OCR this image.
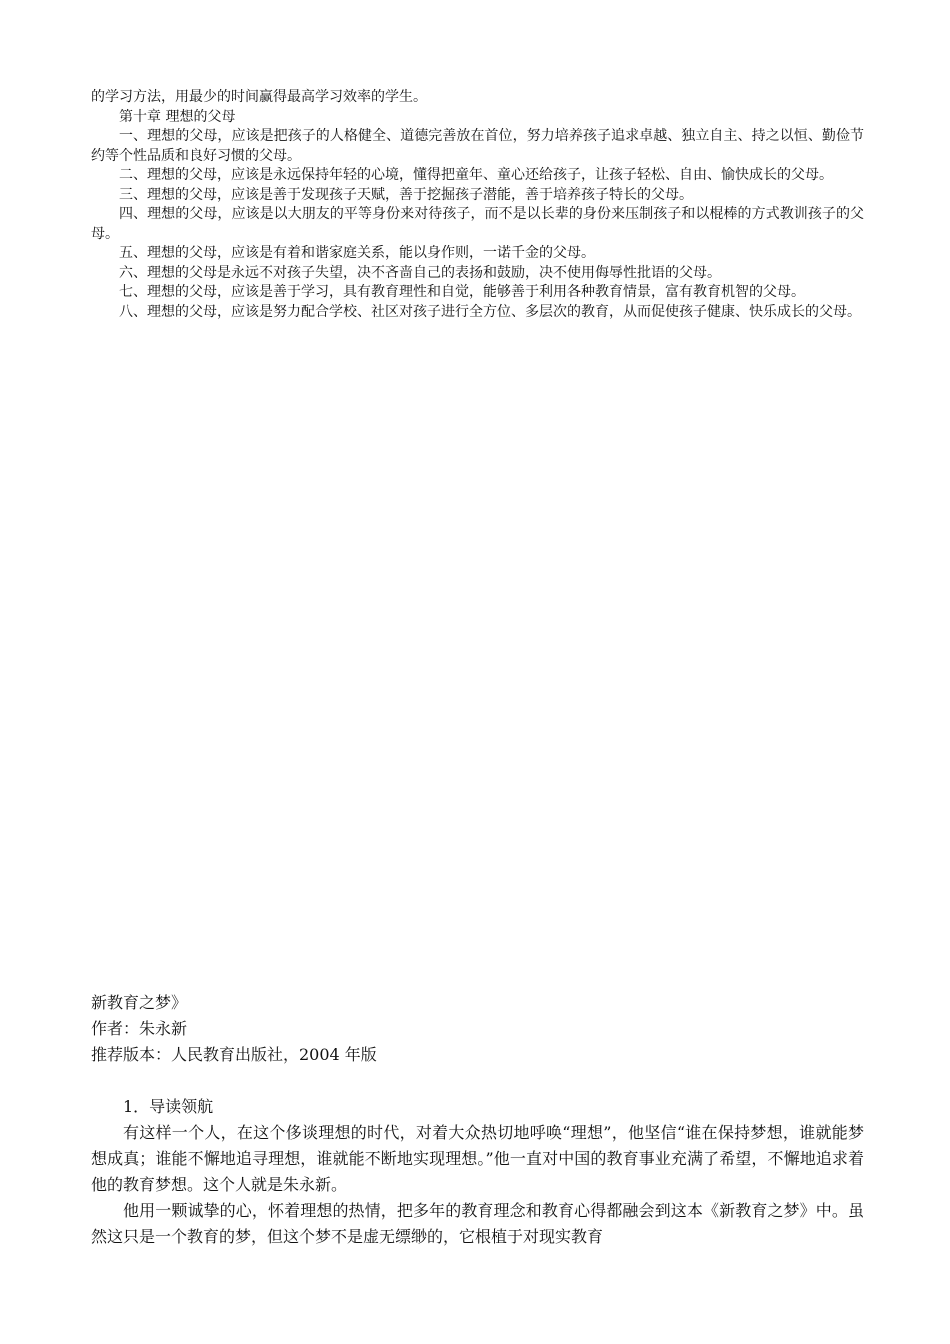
的学习方法，用最少的时间赢得最高学习效率的学生。

第十章 理想的父母

一、理想的父母，应该是把孩子的人格健全、道德完善放在首位，努力培养孩子追求卓越、独立自主、持之以恒、勤俭节约等个性品质和良好习惯的父母。

二、理想的父母，应该是永远保持年轻的心境，懂得把童年、童心还给孩子，让孩子轻松、自由、愉快成长的父母。

三、理想的父母，应该是善于发现孩子天赋，善于挖掘孩子潜能，善于培养孩子特长的父母。

四、理想的父母，应该是以大朋友的平等身份来对待孩子，而不是以长辈的身份来压制孩子和以棍棒的方式教训孩子的父母。

五、理想的父母，应该是有着和谐家庭关系，能以身作则，一诺千金的父母。

六、理想的父母是永远不对孩子失望，决不吝啬自己的表扬和鼓励，决不使用侮辱性批语的父母。

七、理想的父母，应该是善于学习，具有教育理性和自觉，能够善于利用各种教育情景，富有教育机智的父母。

八、理想的父母，应该是努力配合学校、社区对孩子进行全方位、多层次的教育，从而促使孩子健康、快乐成长的父母。

新教育之梦》

作者：朱永新

推荐版本：人民教育出版社，2004 年版

1．导读领航

有这样一个人，在这个侈谈理想的时代，对着大众热切地呼唤“理想”，他坚信“谁在保持梦想，谁就能梦想成真；谁能不懈地追寻理想，谁就能不断地实现理想。”他一直对中国的教育事业充满了希望，不懈地追求着他的教育梦想。这个人就是朱永新。

他用一颗诚挚的心，怀着理想的热情，把多年的教育理念和教育心得都融会到这本《新教育之梦》中。虽然这只是一个教育的梦，但这个梦不是虚无缥缈的，它根植于对现实教育
